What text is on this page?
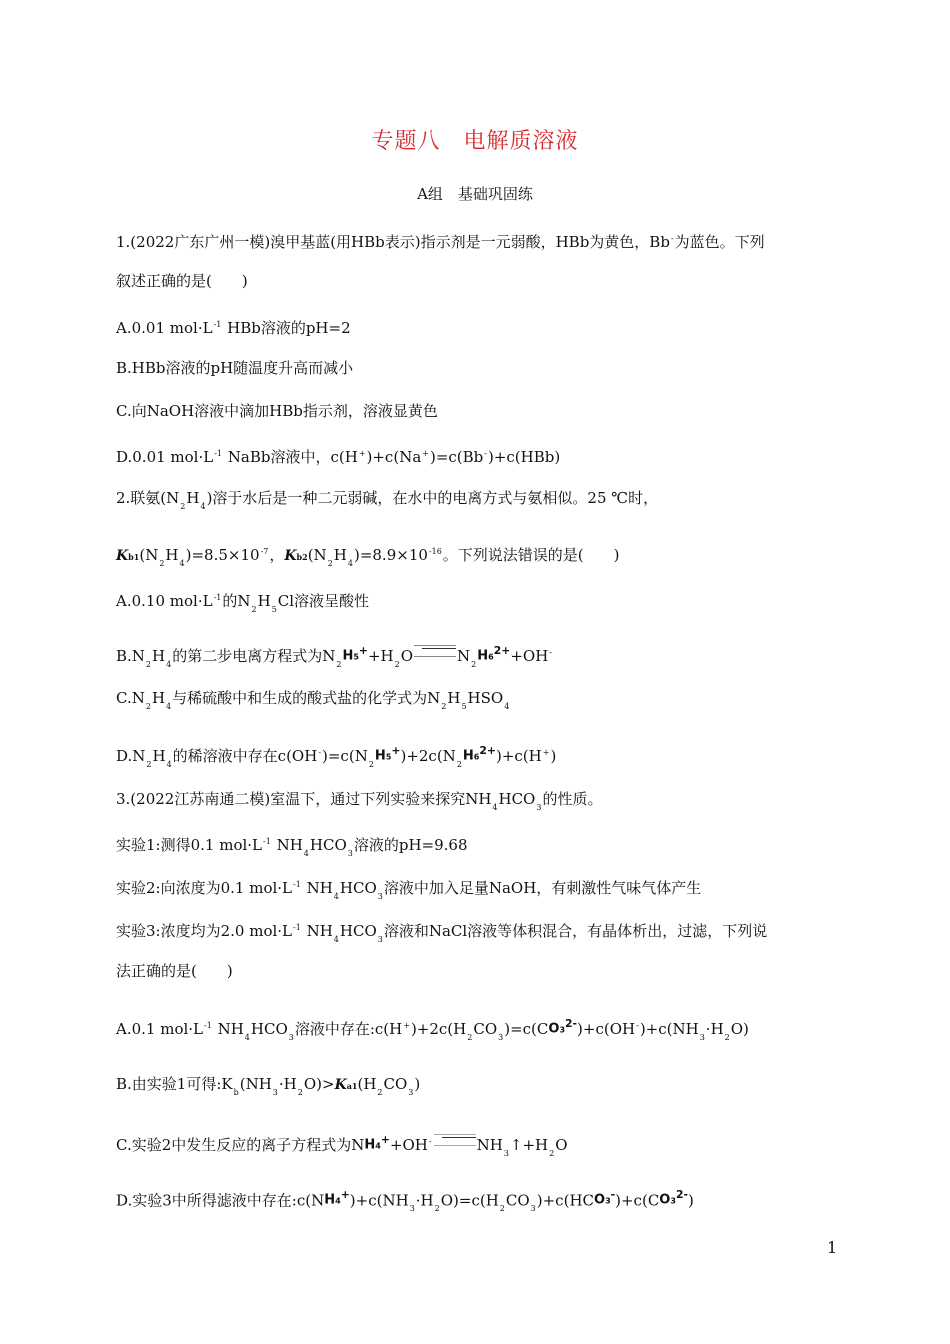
专题八　电解质溶液
A组　基础巩固练
1.(2022广东广州一模)溴甲基蓝(用HBb表示)指示剂是一元弱酸，HBb为黄色，Bb-为蓝色。下列
叙述正确的是(　　)
A.0.01 $mol\cdot L^{-1}$ HBb溶液的pH=2
B.HBb溶液的pH随温度升高而减小
C.向NaOH溶液中滴加HBb指示剂，溶液显黄色
D.0.01 $mol\cdot L^{-1}$ NaBb溶液中，c(H+)+c(Na+)=c(Bb-)+c(HBb)
2.联氨$(N_2H_4)$溶于水后是一种二元弱碱，在水中的电离方式与氨相似。25 ℃时，
$Kb1(N_2H_4)=8.5\times 10^{-7}$，$Kb2(N_2H_4)=8.9\times 10^{-16}$。下列说法错误的是(　　)
A.0.10 $mol\cdot L^{-1}$的$N_2H_5Cl$溶液呈酸性
$B.N_2H_4$的第二步电离方程式为$N_2H5^++H_2O$	$N_2H6^{2+}+OH^-$
$C.N_2H_4$与稀硫酸中和生成的酸式盐的化学式为$N_2H_5HSO_4$
$D.N_2H_4$的稀溶液中存在$c(OH^-)=c(N_2H5^+)+2c(N_2H6^{2+})+c(H^+)$
3.(2022江苏南通二模)室温下，通过下列实验来探究$NH_4HCO_3$的性质。
实验1:测得0.1 $mol\cdot L^{-1}$ $NH_4HCO_3$溶液的pH=9.68
实验2:向浓度为0.1 $mol\cdot L^{-1}$ $NH_4HCO_3$溶液中加入足量NaOH，有刺激性气味气体产生
实验3:浓度均为2.0 $mol\cdot L^{-1}$ $NH_4HCO_3$溶液和NaCl溶液等体积混合，有晶体析出，过滤，下列说
法正确的是(　　)
A.0.1 $mol\cdot L^{-1}$ $NH_4HCO_3$溶液中存在$:c(H^+)+2c(H_2CO_3)=c(CO3^{2-})+c(OH^-)+c(NH_3\cdot H_2O)$
B.由实验1可得$:K_b(NH_3\cdot H_2O)>Ka1(H_2CO_3)$
C.实验2中发生反应的离子方程式为NH4++OH-	$NH_3↑+H_2O$
D.实验3中所得滤液中存在$:c(NH4^+)+c(NH_3\cdot H_2O)=c(H_2CO_3)+c(HCO3^-)+c(CO3^{2-})$
1
